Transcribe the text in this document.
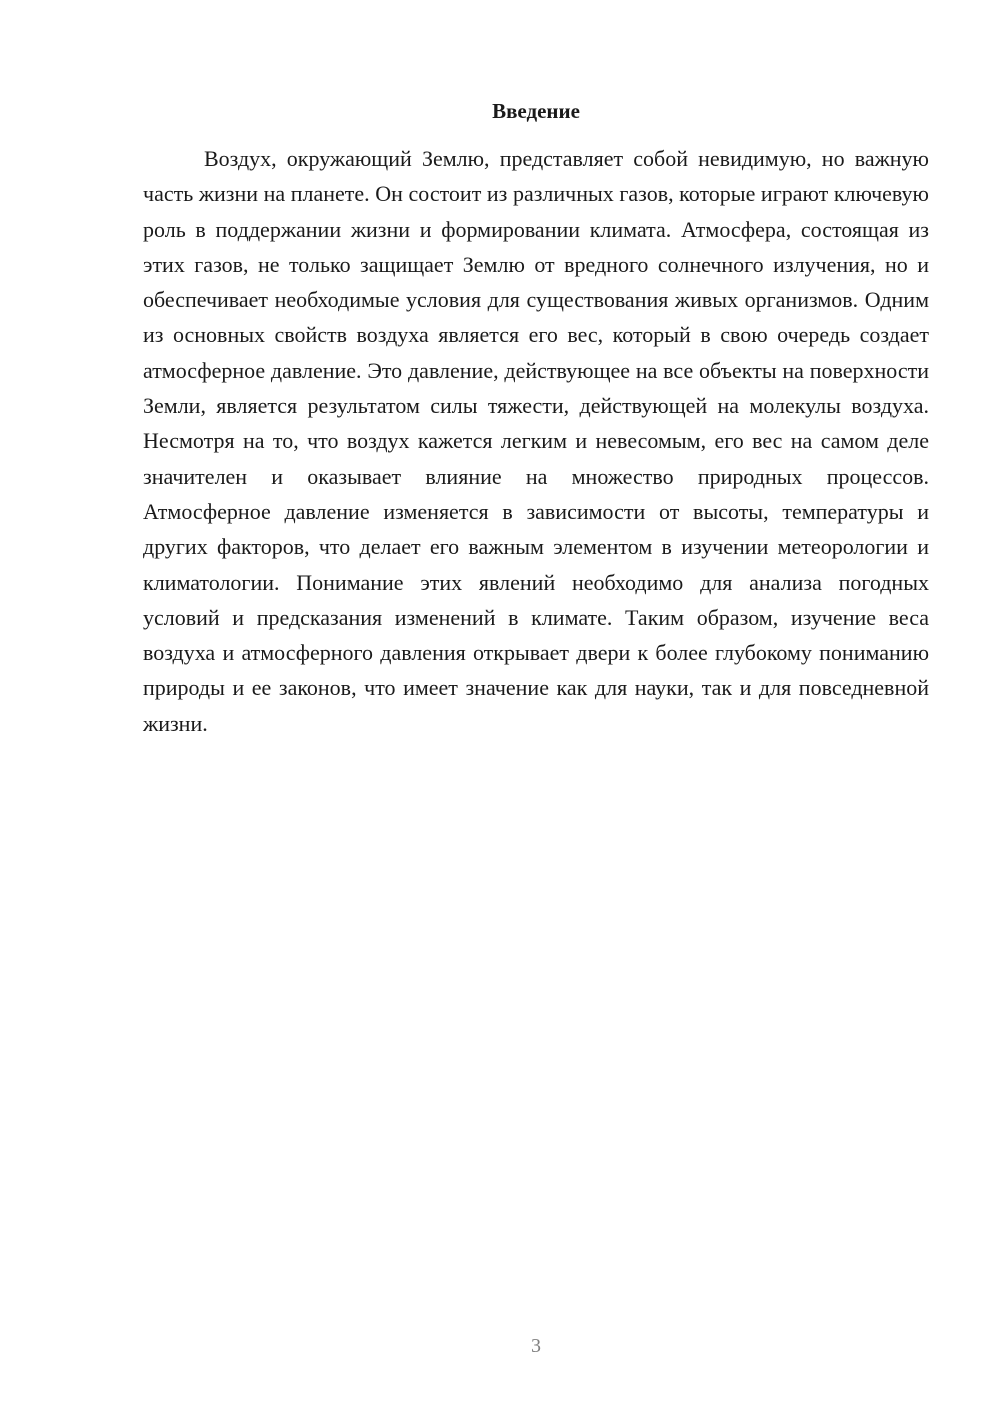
Введение

Воздух, окружающий Землю, представляет собой невидимую, но важную часть жизни на планете. Он состоит из различных газов, которые играют ключевую роль в поддержании жизни и формировании климата. Атмосфера, состоящая из этих газов, не только защищает Землю от вредного солнечного излучения, но и обеспечивает необходимые условия для существования живых организмов. Одним из основных свойств воздуха является его вес, который в свою очередь создает атмосферное давление. Это давление, действующее на все объекты на поверхности Земли, является результатом силы тяжести, действующей на молекулы воздуха. Несмотря на то, что воздух кажется легким и невесомым, его вес на самом деле значителен и оказывает влияние на множество природных процессов. Атмосферное давление изменяется в зависимости от высоты, температуры и других факторов, что делает его важным элементом в изучении метеорологии и климатологии. Понимание этих явлений необходимо для анализа погодных условий и предсказания изменений в климате. Таким образом, изучение веса воздуха и атмосферного давления открывает двери к более глубокому пониманию природы и ее законов, что имеет значение как для науки, так и для повседневной жизни.

3
